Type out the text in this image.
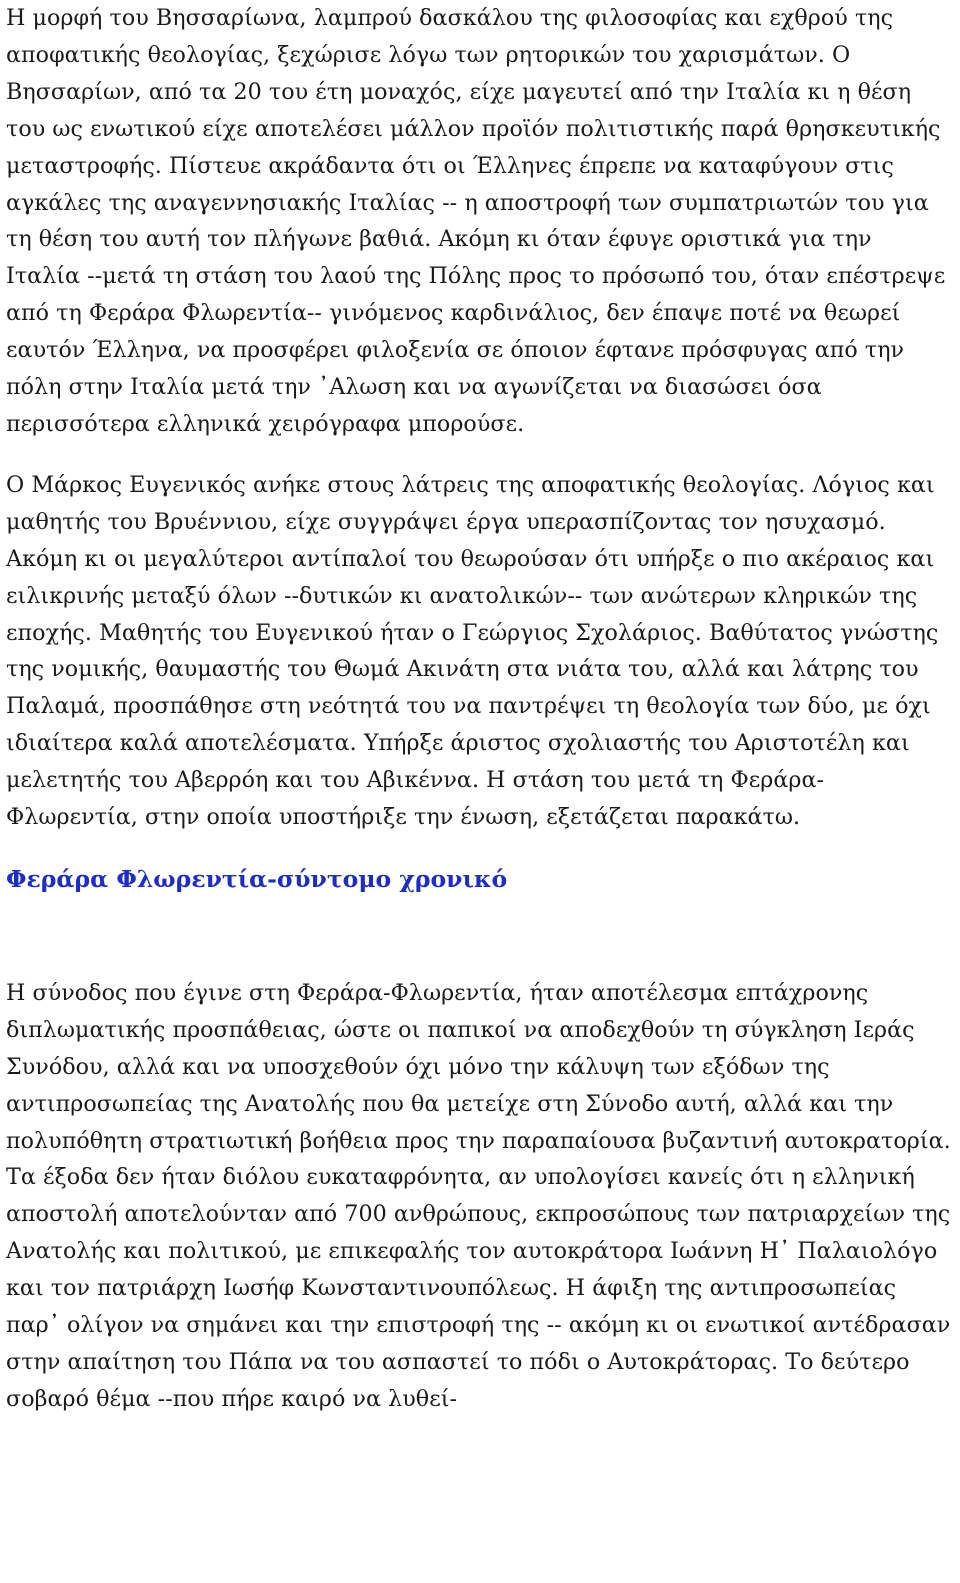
Η μορφή του Βησσαρίωνα, λαμπρού δασκάλου της φιλοσοφίας και εχθρού της αποφατικής θεολογίας, ξεχώρισε λόγω των ρητορικών του χαρισμάτων. Ο Βησσαρίων, από τα 20 του έτη μοναχός, είχε μαγευτεί από την Ιταλία κι η θέση του ως ενωτικού είχε αποτελέσει μάλλον προϊόν πολιτιστικής παρά θρησκευτικής μεταστροφής. Πίστευε ακράδαντα ότι οι Έλληνες έπρεπε να καταφύγουν στις αγκάλες της αναγεννησιακής Ιταλίας -- η αποστροφή των συμπατριωτών του για τη θέση του αυτή τον πλήγωνε βαθιά. Ακόμη κι όταν έφυγε οριστικά για την Ιταλία --μετά τη στάση του λαού της Πόλης προς το πρόσωπό του, όταν επέστρεψε από τη Φεράρα Φλωρεντία-- γινόμενος καρδινάλιος, δεν έπαψε ποτέ να θεωρεί εαυτόν Έλληνα, να προσφέρει φιλοξενία σε όποιον έφτανε πρόσφυγας από την πόλη στην Ιταλία μετά την ᾿Αλωση και να αγωνίζεται να διασώσει όσα περισσότερα ελληνικά χειρόγραφα μπορούσε.

Ο Μάρκος Ευγενικός ανήκε στους λάτρεις της αποφατικής θεολογίας. Λόγιος και μαθητής του Βρυέννιου, είχε συγγράψει έργα υπερασπίζοντας τον ησυχασμό. Ακόμη κι οι μεγαλύτεροι αντίπαλοί του θεωρούσαν ότι υπήρξε ο πιο ακέραιος και ειλικρινής μεταξύ όλων --δυτικών κι ανατολικών-- των ανώτερων κληρικών της εποχής. Μαθητής του Ευγενικού ήταν ο Γεώργιος Σχολάριος. Βαθύτατος γνώστης της νομικής, θαυμαστής του Θωμά Ακινάτη στα νιάτα του, αλλά και λάτρης του Παλαμά, προσπάθησε στη νεότητά του να παντρέψει τη θεολογία των δύο, με όχι ιδιαίτερα καλά αποτελέσματα. Υπήρξε άριστος σχολιαστής του Αριστοτέλη και μελετητής του Αβερρόη και του Αβικέννα. Η στάση του μετά τη Φεράρα-Φλωρεντία, στην οποία υποστήριξε την ένωση, εξετάζεται παρακάτω.

Φεράρα Φλωρεντία-σύντομο χρονικό

Η σύνοδος που έγινε στη Φεράρα-Φλωρεντία, ήταν αποτέλεσμα επτάχρονης διπλωματικής προσπάθειας, ώστε οι παπικοί να αποδεχθούν τη σύγκληση Ιεράς Συνόδου, αλλά και να υποσχεθούν όχι μόνο την κάλυψη των εξόδων της αντιπροσωπείας της Ανατολής που θα μετείχε στη Σύνοδο αυτή, αλλά και την πολυπόθητη στρατιωτική βοήθεια προς την παραπαίουσα βυζαντινή αυτοκρατορία. Τα έξοδα δεν ήταν διόλου ευκαταφρόνητα, αν υπολογίσει κανείς ότι η ελληνική αποστολή αποτελούνταν από 700 ανθρώπους, εκπροσώπους των πατριαρχείων της Ανατολής και πολιτικού, με επικεφαλής τον αυτοκράτορα Ιωάννη Η᾿ Παλαιολόγο και τον πατριάρχη Ιωσήφ Κωνσταντινουπόλεως. Η άφιξη της αντιπροσωπείας παρ᾿ ολίγον να σημάνει και την επιστροφή της -- ακόμη κι οι ενωτικοί αντέδρασαν στην απαίτηση του Πάπα να του ασπαστεί το πόδι ο Αυτοκράτορας. Το δεύτερο σοβαρό θέμα --που πήρε καιρό να λυθεί-
